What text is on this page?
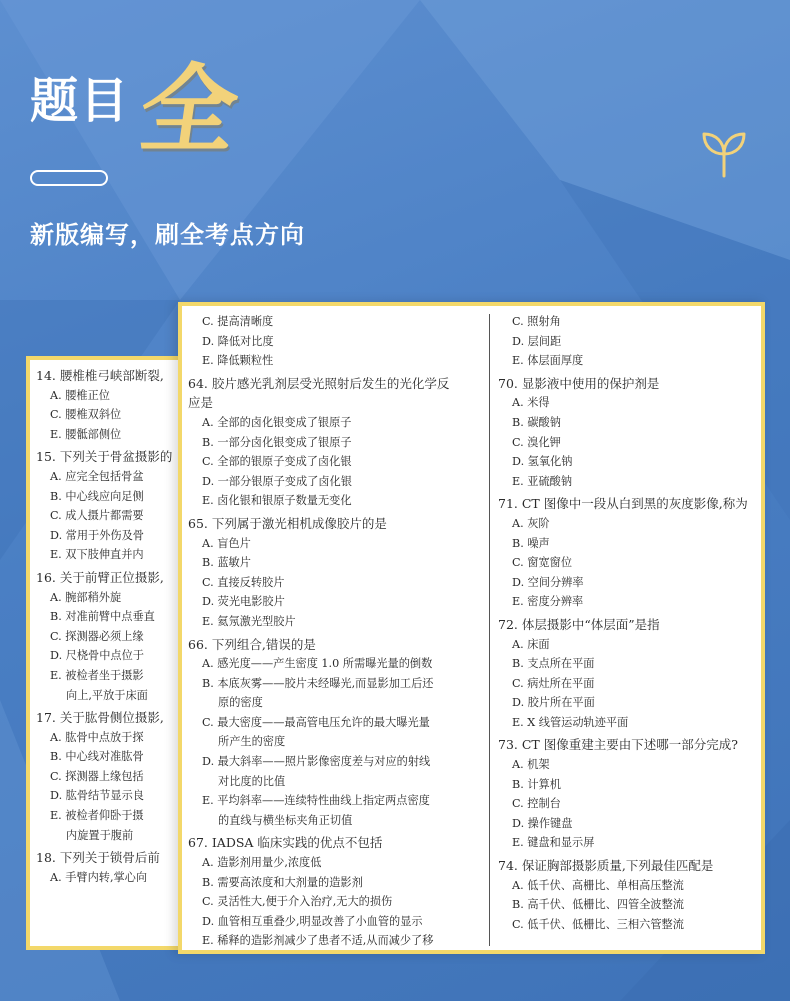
题目 全
新版编写，刷全考点方向
14. 腰椎椎弓峡部断裂,
A. 腰椎正位
C. 腰椎双斜位
E. 腰骶部侧位
15. 下列关于骨盆摄影的
A. 应完全包括骨盆
B. 中心线应向足侧
C. 成人摄片都需要
D. 常用于外伤及骨
E. 双下肢伸直并内
16. 关于前臂正位摄影,
A. 腕部稍外旋
B. 对准前臂中点垂直
C. 探测器必须上缘
D. 尺桡骨中点位于
E. 被检者坐于摄影
向上,平放于床面
17. 关于肱骨侧位摄影,
A. 肱骨中点放于探
B. 中心线对准肱骨
C. 探测器上缘包括
D. 肱骨结节显示良
E. 被检者仰卧于摄
内旋置于腹前
18. 下列关于锁骨后前
A. 手臂内转,掌心向
C. 提高清晰度
D. 降低对比度
E. 降低颗粒性
64. 胶片感光乳剂层受光照射后发生的光化学反
应是
A. 全部的卤化银变成了银原子
B. 一部分卤化银变成了银原子
C. 全部的银原子变成了卤化银
D. 一部分银原子变成了卤化银
E. 卤化银和银原子数量无变化
65. 下列属于激光相机成像胶片的是
A. 盲色片
B. 蓝敏片
C. 直接反转胶片
D. 荧光电影胶片
E. 氦氖激光型胶片
66. 下列组合,错误的是
A. 感光度——产生密度 1.0 所需曝光量的倒数
B. 本底灰雾——胶片未经曝光,而显影加工后还
原的密度
C. 最大密度——最高管电压允许的最大曝光量
所产生的密度
D. 最大斜率——照片影像密度差与对应的射线
对比度的比值
E. 平均斜率——连续特性曲线上指定两点密度
的直线与横坐标夹角正切值
67. IADSA 临床实践的优点不包括
A. 造影剂用量少,浓度低
B. 需要高浓度和大剂量的造影剂
C. 灵活性大,便于介入治疗,无大的损伤
D. 血管相互重叠少,明显改善了小血管的显示
E. 稀释的造影剂减少了患者不适,从而减少了移
C. 照射角
D. 层间距
E. 体层面厚度
70. 显影液中使用的保护剂是
A. 米得
B. 碳酸钠
C. 溴化钾
D. 氢氧化钠
E. 亚硫酸钠
71. CT 图像中一段从白到黑的灰度影像,称为
A. 灰阶
B. 噪声
C. 窗宽窗位
D. 空间分辨率
E. 密度分辨率
72. 体层摄影中“体层面”是指
A. 床面
B. 支点所在平面
C. 病灶所在平面
D. 胶片所在平面
E. X 线管运动轨迹平面
73. CT 图像重建主要由下述哪一部分完成?
A. 机架
B. 计算机
C. 控制台
D. 操作键盘
E. 键盘和显示屏
74. 保证胸部摄影质量,下列最佳匹配是
A. 低千伏、高栅比、单相高压整流
B. 高千伏、低栅比、四管全波整流
C. 低千伏、低栅比、三相六管整流
